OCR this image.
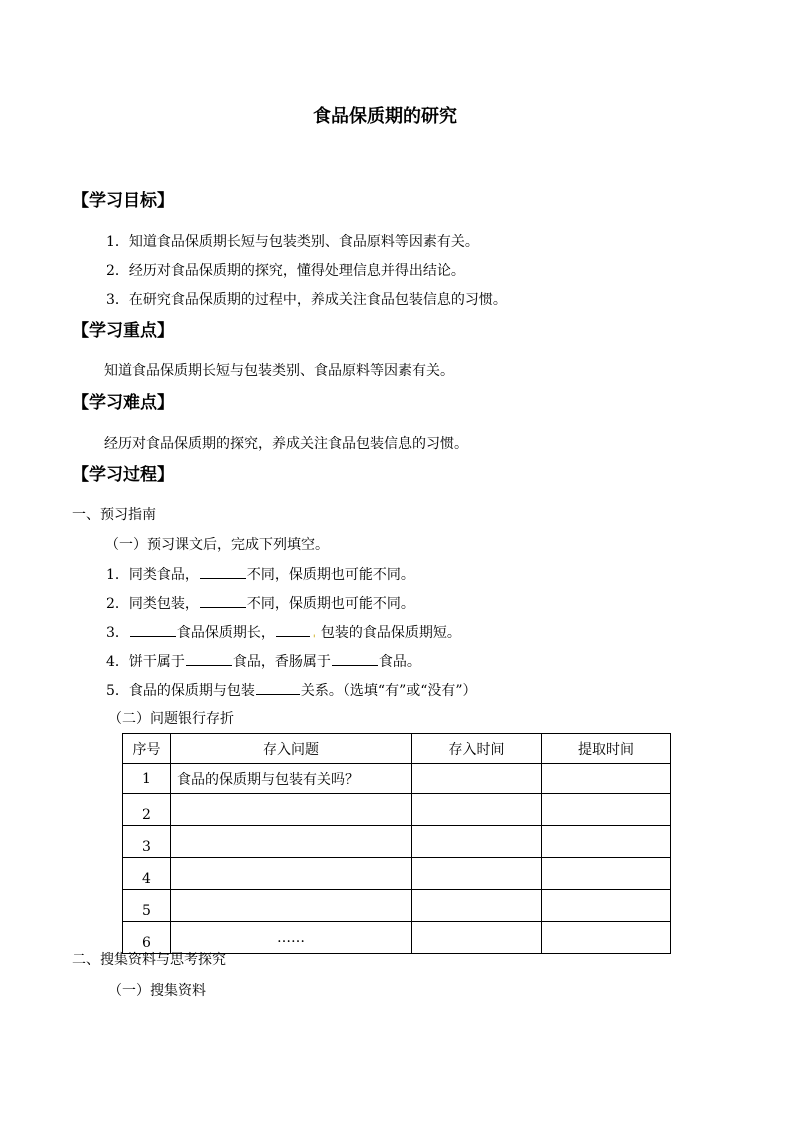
食品保质期的研究
【学习目标】
1．知道食品保质期长短与包装类别、食品原料等因素有关。
2．经历对食品保质期的探究，懂得处理信息并得出结论。
3．在研究食品保质期的过程中，养成关注食品包装信息的习惯。
【学习重点】
知道食品保质期长短与包装类别、食品原料等因素有关。
【学习难点】
经历对食品保质期的探究，养成关注食品包装信息的习惯。
【学习过程】
一、预习指南
（一）预习课文后，完成下列填空。
1．同类食品，	不同，保质期也可能不同。
2．同类包装，	不同，保质期也可能不同。
3．	食品保质期长，	包装的食品保质期短。
4．饼干属于	食品，香肠属于	食品。
5．食品的保质期与包装	关系。（选填“有”或“没有”）
（二）问题银行存折
序号	存入问题	存入时间	提取时间
1	食品的保质期与包装有关吗？		
2			
3			
4			
5			
6	……		
二、搜集资料与思考探究
（一）搜集资料
